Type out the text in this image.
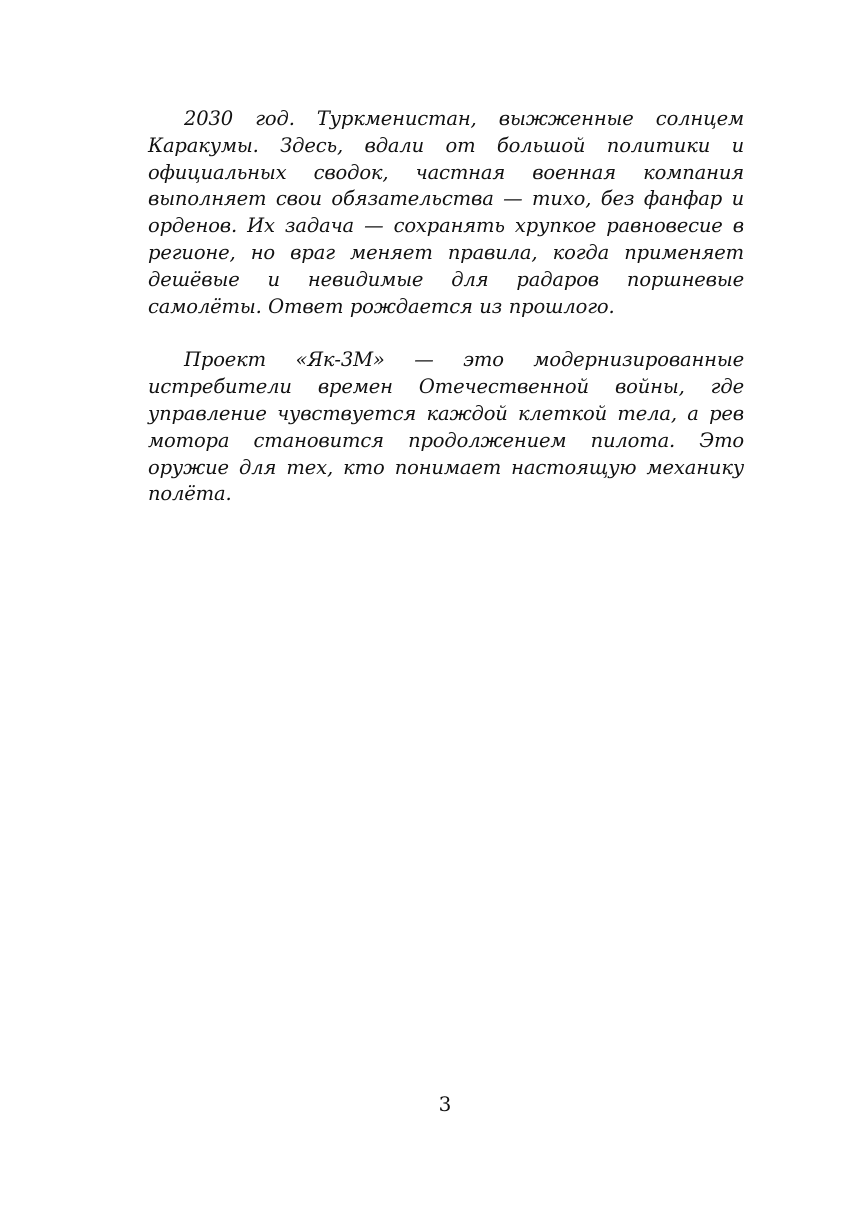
2030 год. Туркменистан, выжженные солнцем Каракумы. Здесь, вдали от большой политики и официальных сводок, частная военная компания выполняет свои обязательства — тихо, без фанфар и орденов. Их задача — сохранять хрупкое равновесие в регионе, но враг меняет правила, когда применяет дешёвые и невидимые для радаров поршневые самолёты. Ответ рождается из прошлого.

Проект «Як-3М» — это модернизированные истребители времен Отечественной войны, где управление чувствуется каждой клеткой тела, а рев мотора становится продолжением пилота. Это оружие для тех, кто понимает настоящую механику полёта.

3
